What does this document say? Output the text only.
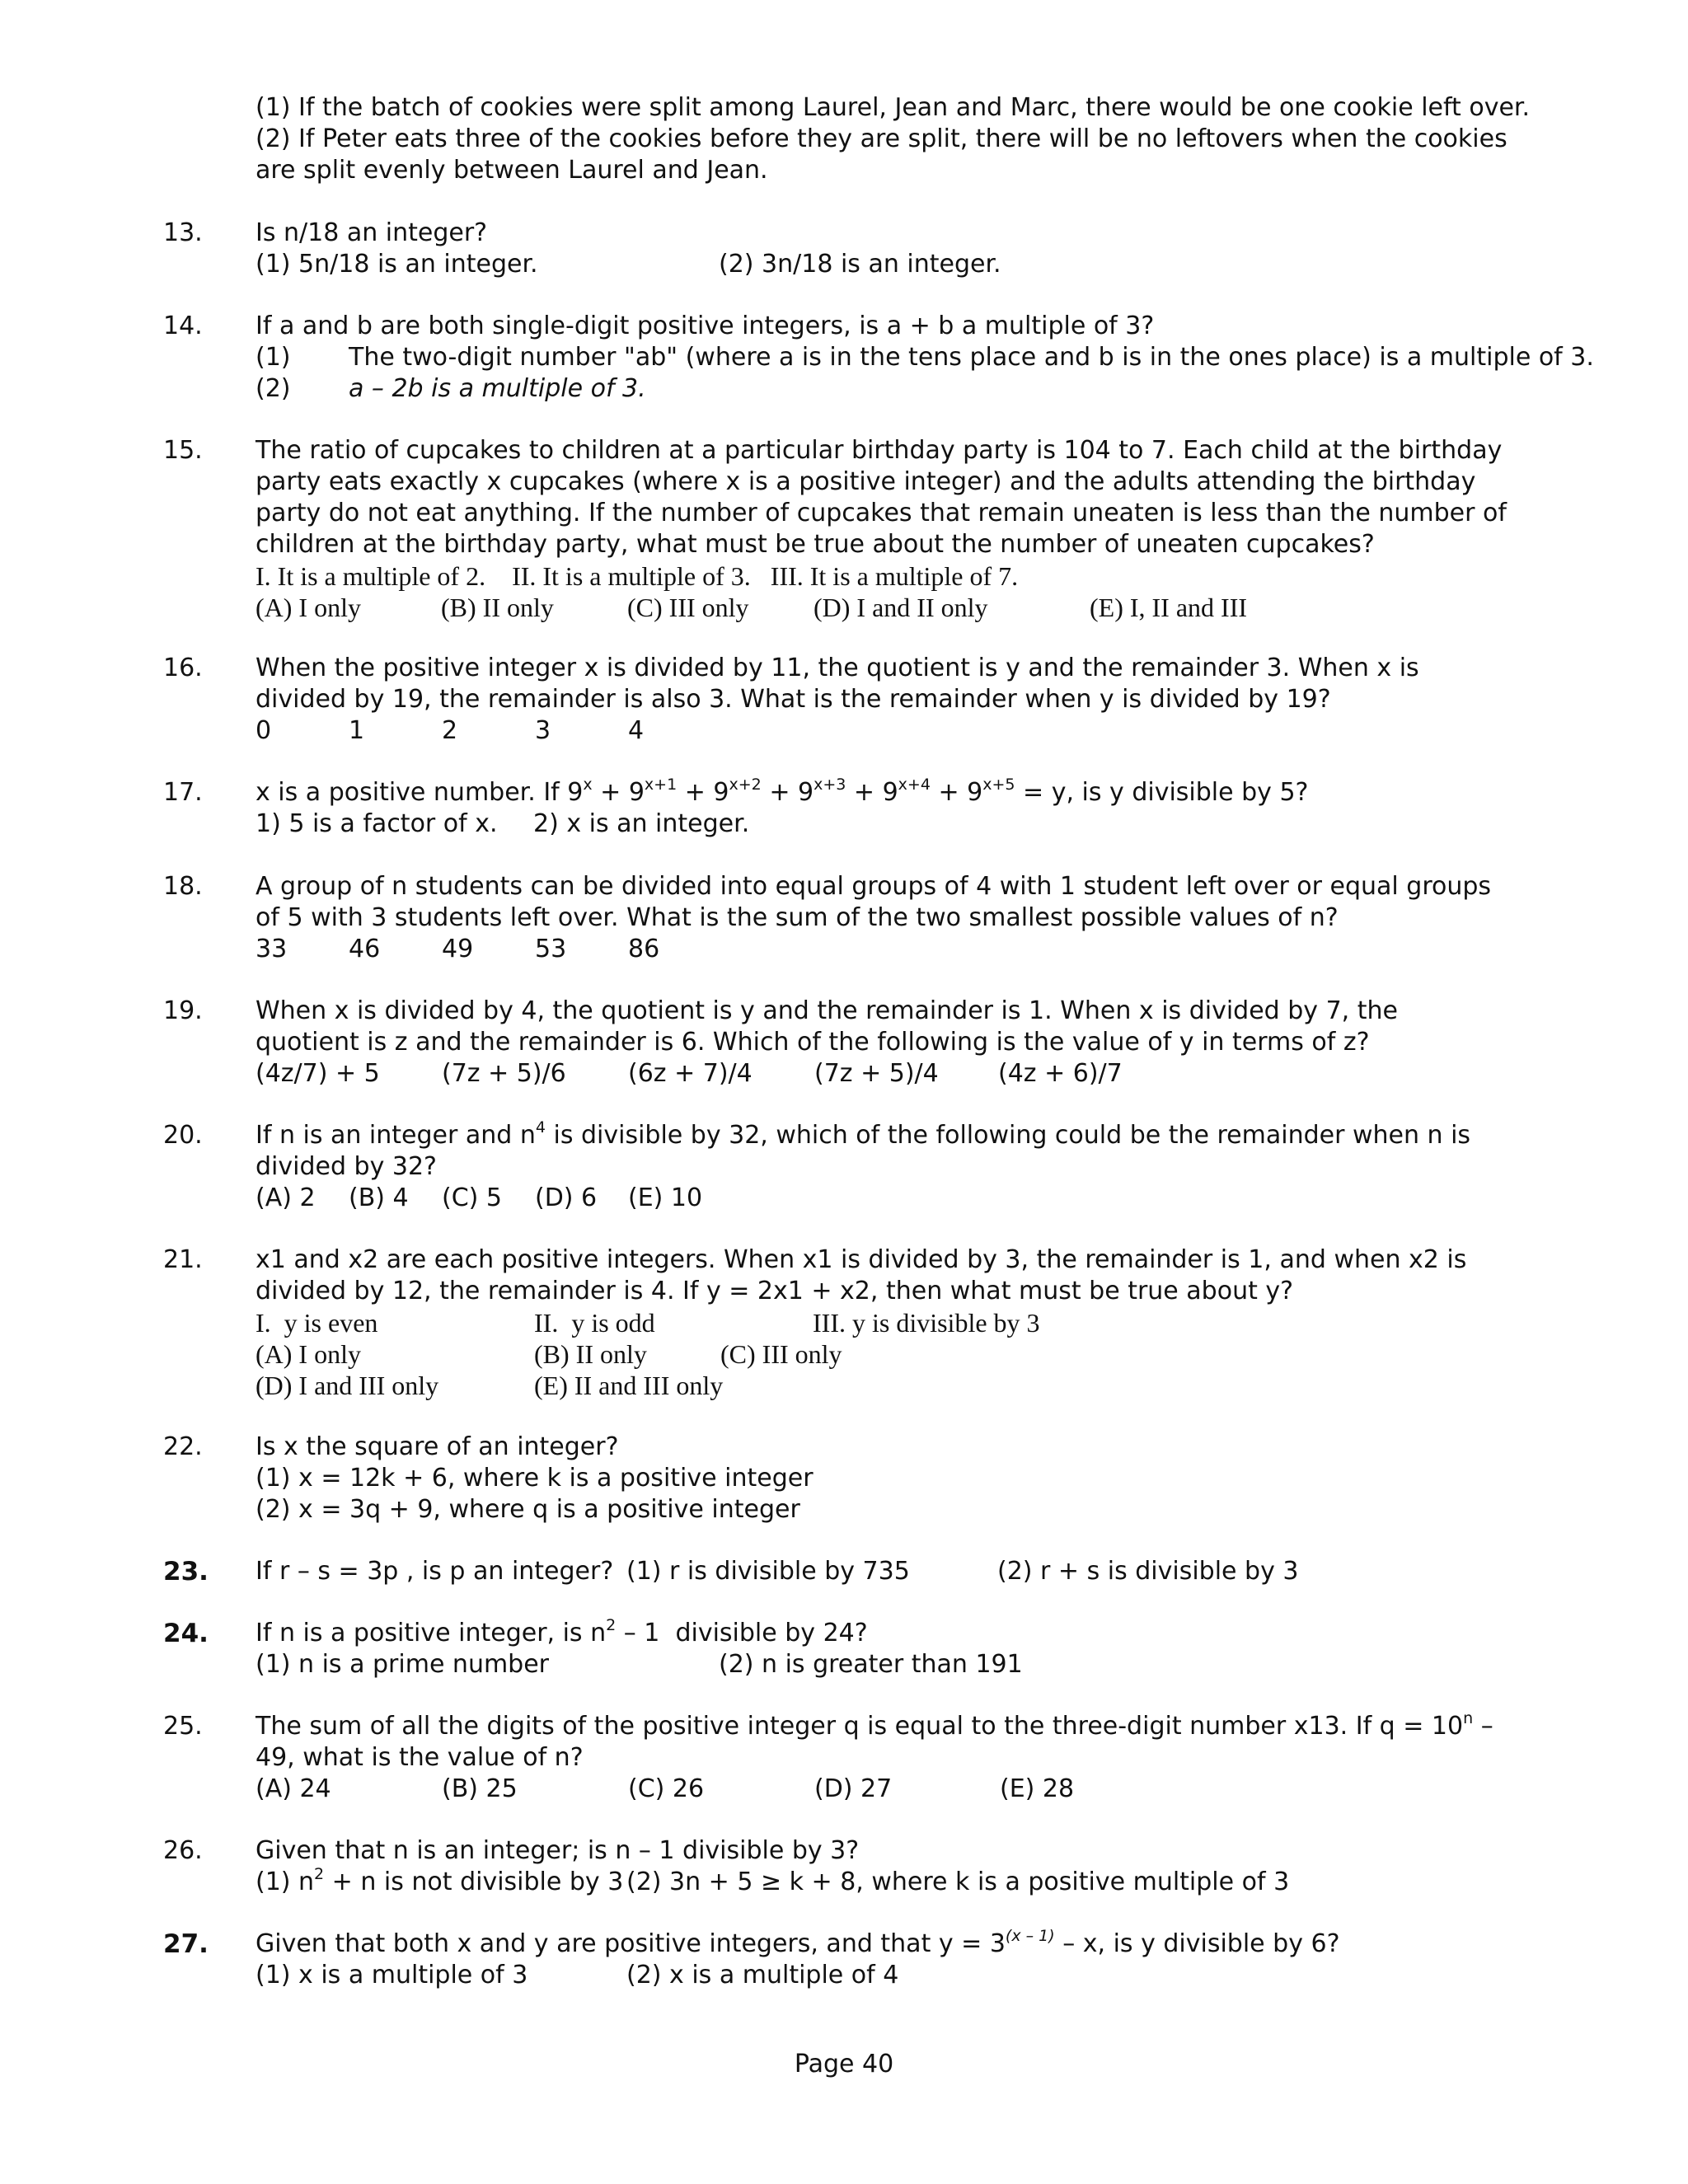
(1) If the batch of cookies were split among Laurel, Jean and Marc, there would be one cookie left over.
(2) If Peter eats three of the cookies before they are split, there will be no leftovers when the cookies are split evenly between Laurel and Jean.
13. Is n/18 an integer?
(1) 5n/18 is an integer.	(2) 3n/18 is an integer.
14. If a and b are both single-digit positive integers, is a + b a multiple of 3?
(1) The two-digit number "ab" (where a is in the tens place and b is in the ones place) is a multiple of 3.
(2) a – 2b is a multiple of 3.
15. The ratio of cupcakes to children at a particular birthday party is 104 to 7. Each child at the birthday party eats exactly x cupcakes (where x is a positive integer) and the adults attending the birthday party do not eat anything. If the number of cupcakes that remain uneaten is less than the number of children at the birthday party, what must be true about the number of uneaten cupcakes?
I. It is a multiple of 2.    II. It is a multiple of 3.   III. It is a multiple of 7.
(A) I only	(B) II only	(C) III only (D) I and II only	(E) I, II and III
16. When the positive integer x is divided by 11, the quotient is y and the remainder 3. When x is divided by 19, the remainder is also 3. What is the remainder when y is divided by 19?
0	1	2	3	4
17. x is a positive number. If $9^x + 9^{x+1} + 9^{x+2} + 9^{x+3} + 9^{x+4} + 9^{x+5} = y$, is y divisible by 5?
1) 5 is a factor of x. 2) x is an integer.
18. A group of n students can be divided into equal groups of 4 with 1 student left over or equal groups of 5 with 3 students left over. What is the sum of the two smallest possible values of n?
33 46 49 53 86
19. When x is divided by 4, the quotient is y and the remainder is 1. When x is divided by 7, the quotient is z and the remainder is 6. Which of the following is the value of y in terms of z?
(4z/7) + 5	(7z + 5)/6	(6z + 7)/4	(7z + 5)/4 (4z + 6)/7
20. If n is an integer and $n^4$ is divisible by 32, which of the following could be the remainder when n is divided by 32?
(A) 2 (B) 4 (C) 5 (D) 6 (E) 10
21. x1 and x2 are each positive integers. When x1 is divided by 3, the remainder is 1, and when x2 is divided by 12, the remainder is 4. If y = 2x1 + x2, then what must be true about y?
I.  y is even	II.  y is odd	III. y is divisible by 3
(A) I only	(B) II only	(C) III only
(D) I and III only	(E) II and III only
22. Is x the square of an integer?
(1) x = 12k + 6, where k is a positive integer
(2) x = 3q + 9, where q is a positive integer
23. If r – s = 3p , is p an integer? (1) r is divisible by 735	(2) r + s is divisible by 3
24. If n is a positive integer, is $n^2 - 1$  divisible by 24?
(1) n is a prime number	(2) n is greater than 191
25. The sum of all the digits of the positive integer q is equal to the three-digit number x13. If $q = 10^n - 49$, what is the value of n?
(A) 24	(B) 25	(C) 26	(D) 27	(E) 28
26. Given that n is an integer; is n – 1 divisible by 3?
(1) $n^2 + n$ is not divisible by 3 (2) 3n + 5 ≥ k + 8, where k is a positive multiple of 3
27. Given that both x and y are positive integers, and that $y = 3^{(x - 1)} - x$, is y divisible by 6?
(1) x is a multiple of 3	(2) x is a multiple of 4
Page 40
